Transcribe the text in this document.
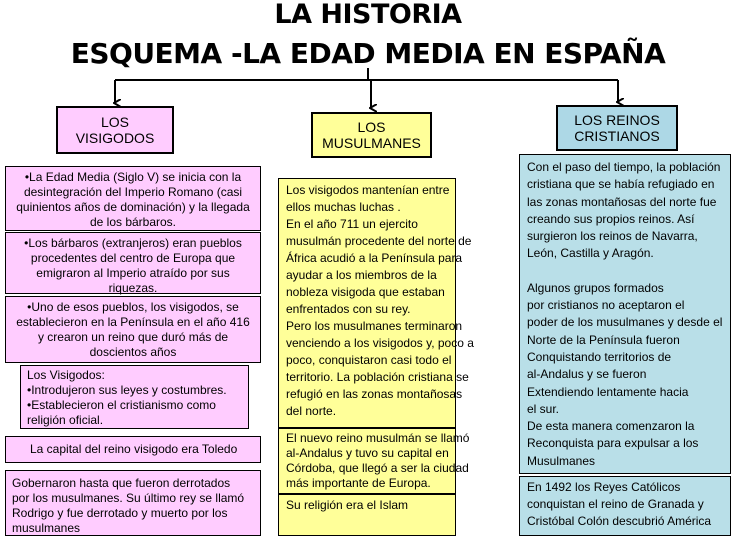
LA HISTORIA
ESQUEMA -LA EDAD MEDIA EN ESPAÑA
LOS
VISIGODOS
LOS
MUSULMANES
LOS REINOS
CRISTIANOS
•La Edad Media (Siglo V) se inicia con la
desintegración del Imperio Romano (casi
quinientos años de dominación) y la llegada
de los bárbaros.
•Los bárbaros (extranjeros) eran pueblos
procedentes del centro de Europa que
emigraron al Imperio atraído por sus
riquezas.
•Uno de esos pueblos, los visigodos, se
establecieron en la Península en el año 416
y crearon un reino que duró más de
doscientos años
Los Visigodos:
•Introdujeron sus leyes y costumbres.
•Establecieron el cristianismo como
religión oficial.
La capital del reino visigodo era Toledo
Gobernaron hasta que fueron derrotados
por los musulmanes. Su último rey se llamó
Rodrigo y fue derrotado y muerto por los
musulmanes
Los visigodos mantenían entre
ellos muchas luchas .
En el año 711 un ejercito
musulmán procedente del norte de
África acudió a la Península para
ayudar a los miembros de la
nobleza visigoda que estaban
enfrentados con su rey.
Pero los musulmanes terminaron
venciendo a los visigodos y, poco a
poco, conquistaron casi todo el
territorio. La población cristiana se
refugió en las zonas montañosas
del norte.
El nuevo reino musulmán se llamó
al-Andalus y tuvo su capital en
Córdoba, que llegó a ser la ciudad
más importante de Europa.
Su religión era el Islam
Con el paso del tiempo, la población
cristiana que se había refugiado en
las zonas montañosas del norte fue
creando sus propios reinos. Así
surgieron los reinos de Navarra,
León, Castilla y Aragón.
Algunos grupos formados
por cristianos no aceptaron el
poder de los musulmanes y desde el
Norte de la Península fueron
Conquistando territorios de
al-Andalus y se fueron
Extendiendo lentamente hacia
el sur.
De esta manera comenzaron la
Reconquista para expulsar a los
Musulmanes
En 1492 los Reyes Católicos
conquistan el reino de Granada y
Cristóbal Colón descubrió América
